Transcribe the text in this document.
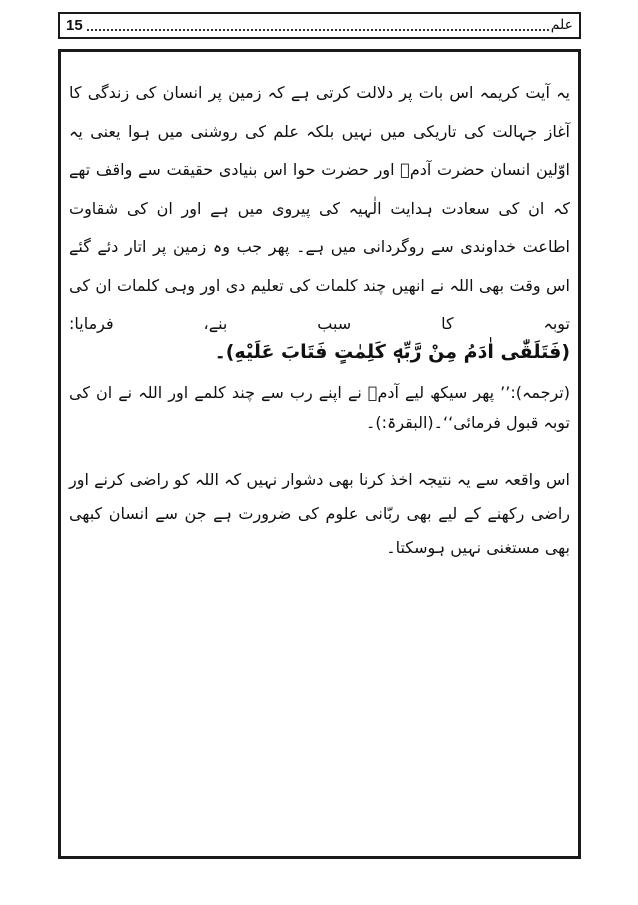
15	علم
یہ آیت کریمہ اس بات پر دلالت کرتی ہے کہ زمین پر انسان کی زندگی کا آغاز جہالت کی تاریکی میں نہیں بلکہ علم کی روشنی میں ہوا یعنی یہ اوّلین انسان حضرت آدمؑ اور حضرت حوا اس بنیادی حقیقت سے واقف تھے کہ ان کی سعادت ہدایت الٰہیہ کی پیروی میں ہے اور ان کی شقاوت اطاعت خداوندی سے روگردانی میں ہے۔ پھر جب وہ زمین پر اتار دئے گئے اس وقت بھی اللہ نے انھیں چند کلمات کی تعلیم دی اور وہی کلمات ان کی توبہ کا سبب بنے، فرمایا:
(فَتَلَقّٰی اٰدَمُ مِنْ رَّبِّهٖ كَلِمٰتٍ فَتَابَ عَلَيْهِ)۔
(ترجمہ):’’ پھر سیکھ لیے آدمؑ نے اپنے رب سے چند کلمے اور اللہ نے ان کی توبہ قبول فرمائی‘‘۔(البقرۃ:)۔
اس واقعہ سے یہ نتیجہ اخذ کرنا بھی دشوار نہیں کہ اللہ کو راضی کرنے اور راضی رکھنے کے لیے بھی ربّانی علوم کی ضرورت ہے جن سے انسان کبھی بھی مستغنی نہیں ہوسکتا۔
